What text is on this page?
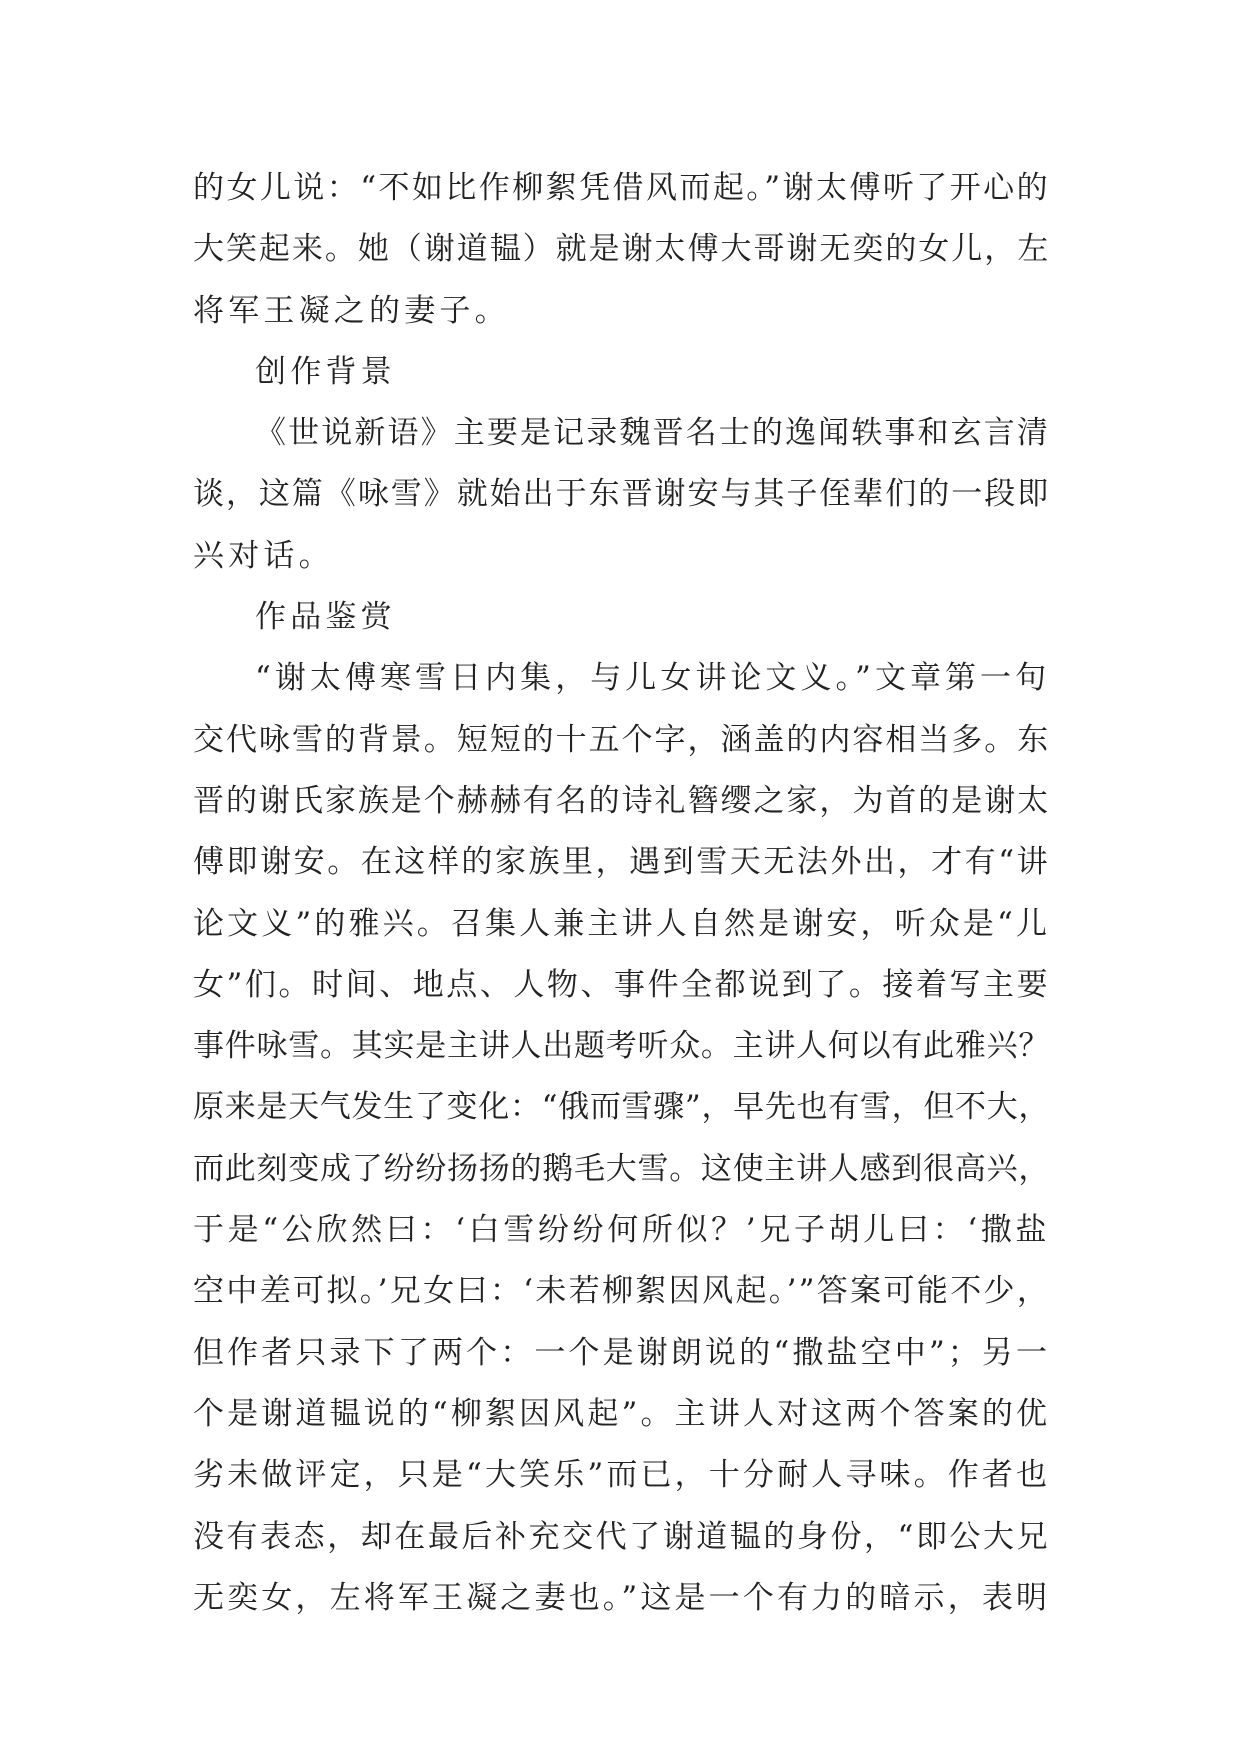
的女儿说：“不如比作柳絮凭借风而起。”谢太傅听了开心的
大笑起来。她（谢道韫）就是谢太傅大哥谢无奕的女儿，左
将军王凝之的妻子。
创作背景
《世说新语》主要是记录魏晋名士的逸闻轶事和玄言清
谈，这篇《咏雪》就始出于东晋谢安与其子侄辈们的一段即
兴对话。
作品鉴赏
“谢太傅寒雪日内集，与儿女讲论文义。”文章第一句
交代咏雪的背景。短短的十五个字，涵盖的内容相当多。东
晋的谢氏家族是个赫赫有名的诗礼簪缨之家，为首的是谢太
傅即谢安。在这样的家族里，遇到雪天无法外出，才有“讲
论文义”的雅兴。召集人兼主讲人自然是谢安，听众是“儿
女”们。时间、地点、人物、事件全都说到了。接着写主要
事件咏雪。其实是主讲人出题考听众。主讲人何以有此雅兴？
原来是天气发生了变化：“俄而雪骤”，早先也有雪，但不大，
而此刻变成了纷纷扬扬的鹅毛大雪。这使主讲人感到很高兴，
于是“公欣然曰：‘白雪纷纷何所似？’兄子胡儿曰：‘撒盐
空中差可拟。’兄女曰：‘未若柳絮因风起。’”答案可能不少，
但作者只录下了两个：一个是谢朗说的“撒盐空中”；另一
个是谢道韫说的“柳絮因风起”。主讲人对这两个答案的优
劣未做评定，只是“大笑乐”而已，十分耐人寻味。作者也
没有表态，却在最后补充交代了谢道韫的身份，“即公大兄
无奕女，左将军王凝之妻也。”这是一个有力的暗示，表明
